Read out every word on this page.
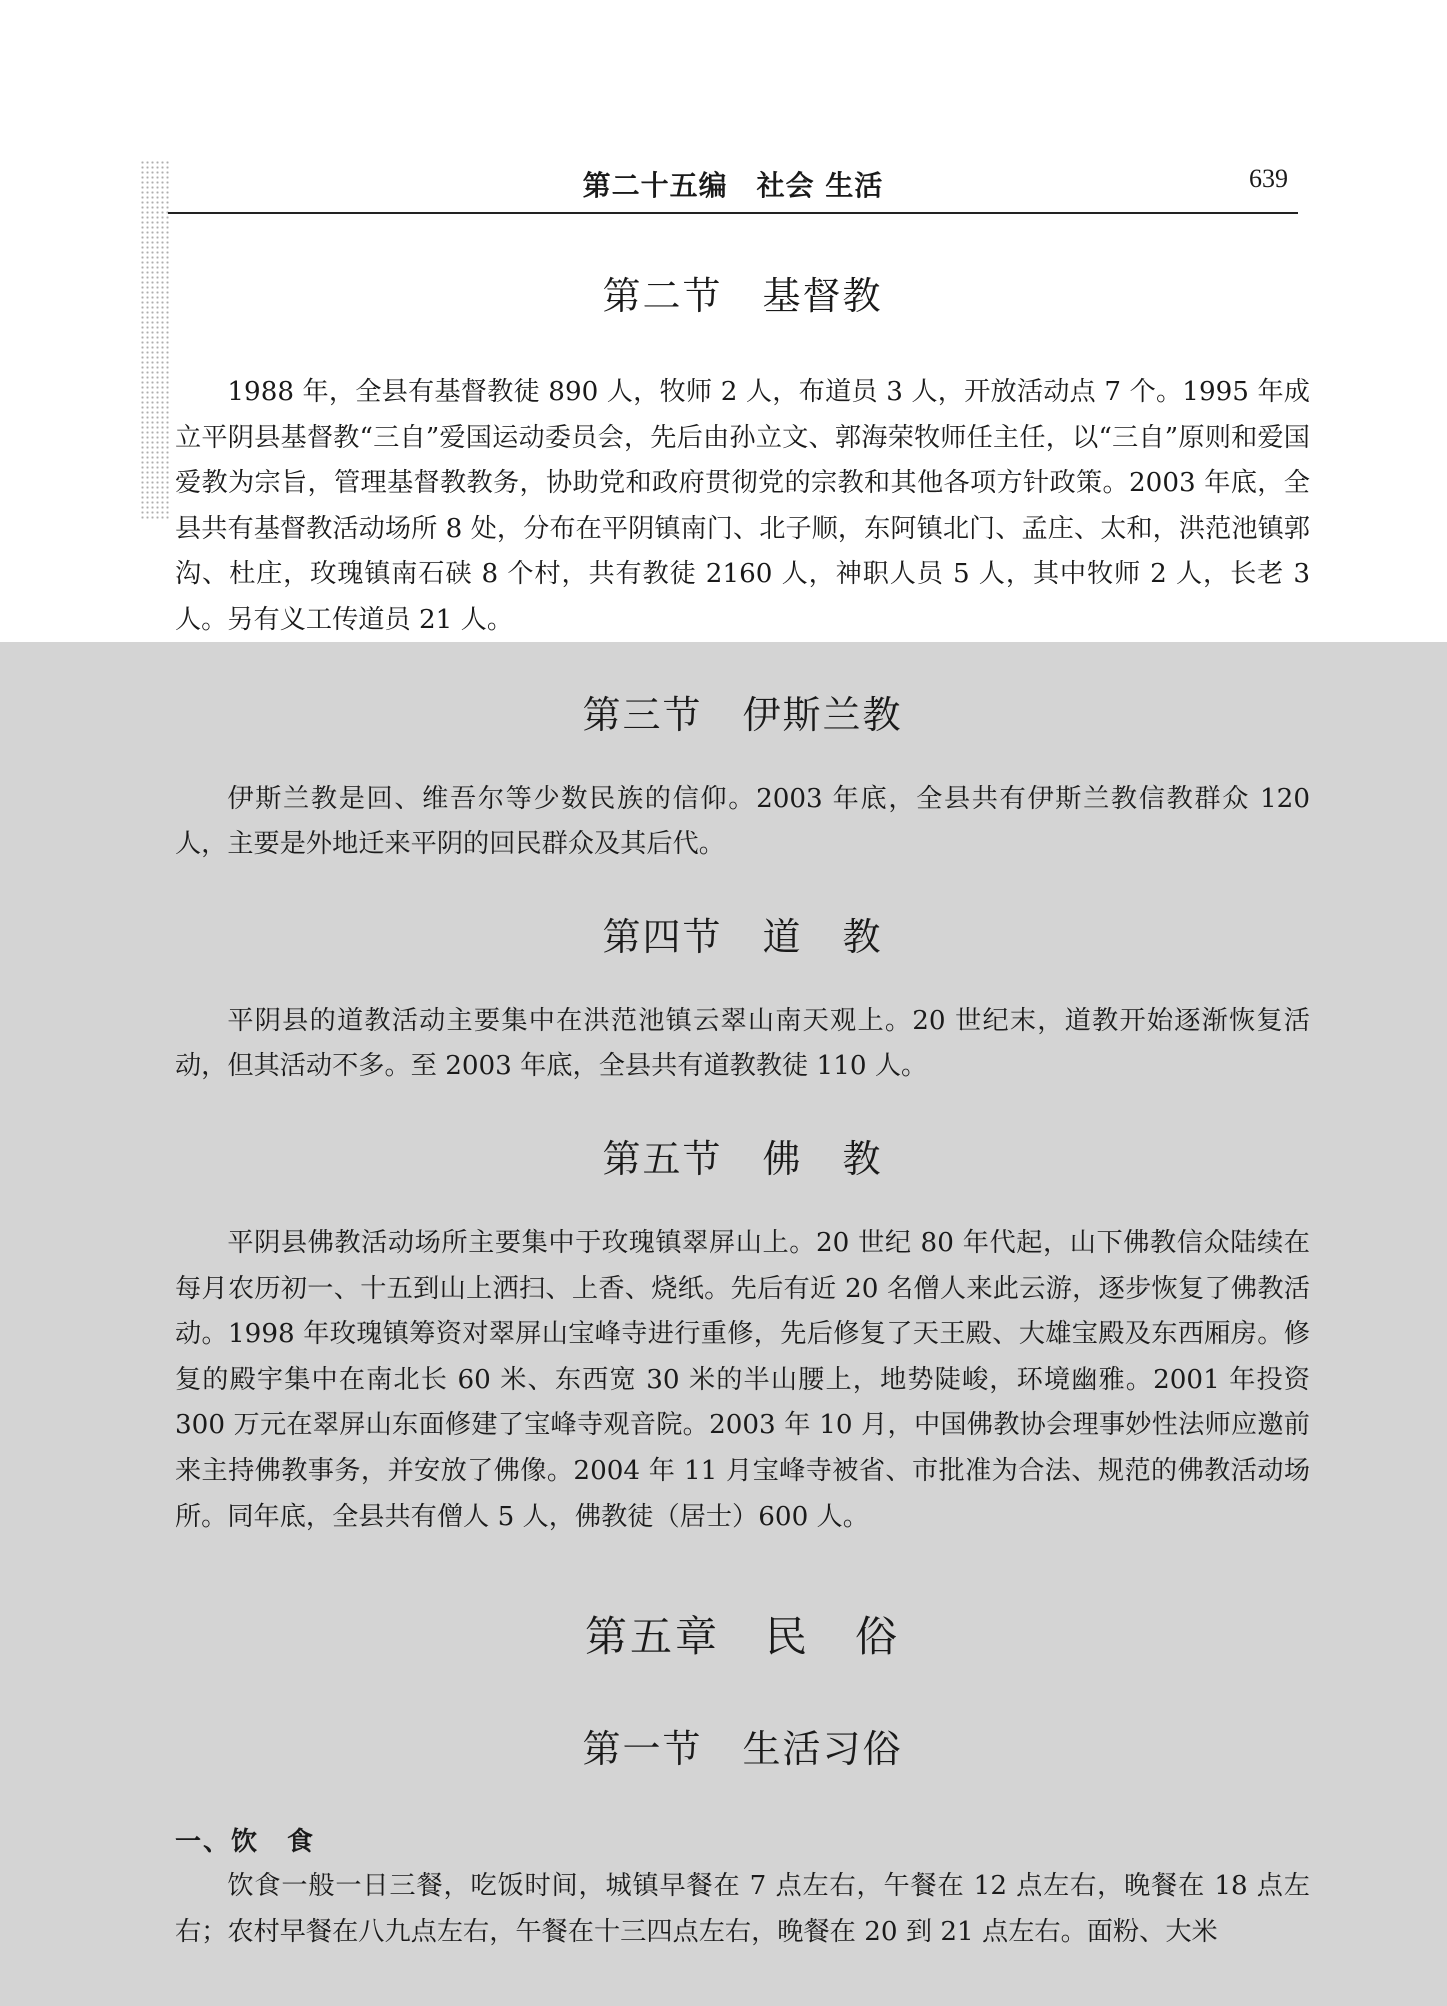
第二十五编　社会 生活	639
第二节　基督教

1988 年，全县有基督教徒 890 人，牧师 2 人，布道员 3 人，开放活动点 7 个。1995 年成立平阴县基督教“三自”爱国运动委员会，先后由孙立文、郭海荣牧师任主任，以“三自”原则和爱国爱教为宗旨，管理基督教教务，协助党和政府贯彻党的宗教和其他各项方针政策。2003 年底，全县共有基督教活动场所 8 处，分布在平阴镇南门、北子顺，东阿镇北门、孟庄、太和，洪范池镇郭沟、杜庄，玫瑰镇南石硖 8 个村，共有教徒 2160 人，神职人员 5 人，其中牧师 2 人，长老 3 人。另有义工传道员 21 人。

第三节　伊斯兰教

伊斯兰教是回、维吾尔等少数民族的信仰。2003 年底，全县共有伊斯兰教信教群众 120 人，主要是外地迁来平阴的回民群众及其后代。

第四节　道　教

平阴县的道教活动主要集中在洪范池镇云翠山南天观上。20 世纪末，道教开始逐渐恢复活动，但其活动不多。至 2003 年底，全县共有道教教徒 110 人。

第五节　佛　教

平阴县佛教活动场所主要集中于玫瑰镇翠屏山上。20 世纪 80 年代起，山下佛教信众陆续在每月农历初一、十五到山上洒扫、上香、烧纸。先后有近 20 名僧人来此云游，逐步恢复了佛教活动。1998 年玫瑰镇筹资对翠屏山宝峰寺进行重修，先后修复了天王殿、大雄宝殿及东西厢房。修复的殿宇集中在南北长 60 米、东西宽 30 米的半山腰上，地势陡峻，环境幽雅。2001 年投资 300 万元在翠屏山东面修建了宝峰寺观音院。2003 年 10 月，中国佛教协会理事妙性法师应邀前来主持佛教事务，并安放了佛像。2004 年 11 月宝峰寺被省、市批准为合法、规范的佛教活动场所。同年底，全县共有僧人 5 人，佛教徒（居士）600 人。

第五章　民　俗
第一节　生活习俗
一、饮　食

饮食一般一日三餐，吃饭时间，城镇早餐在 7 点左右，午餐在 12 点左右，晚餐在 18 点左右；农村早餐在八九点左右，午餐在十三四点左右，晚餐在 20 到 21 点左右。面粉、大米
